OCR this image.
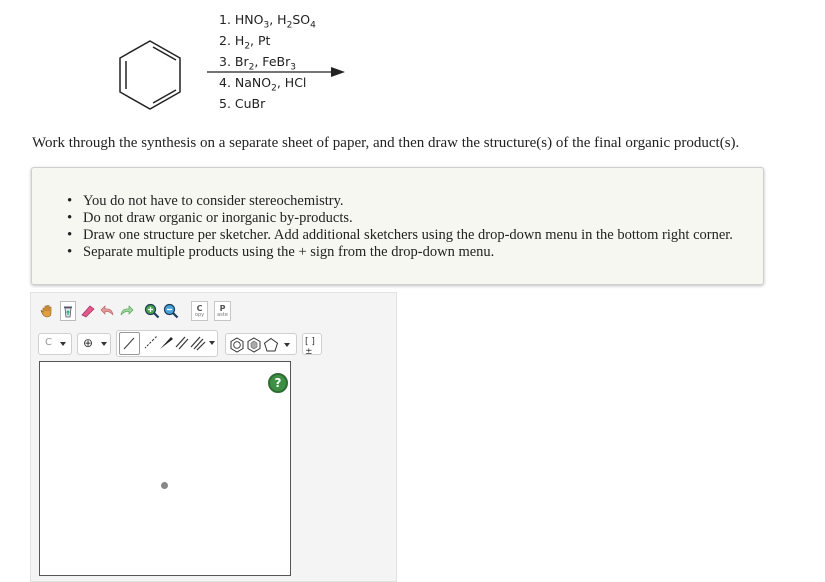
1. $HNO_3$, $H_2SO_4$
2. $H_2$, Pt
3. $Br_2$, FeBr$_3$
4. NaNO$_2$, HCl
5. CuBr
Work through the synthesis on a separate sheet of paper, and then draw the structure(s) of the final organic product(s).
• You do not have to consider stereochemistry.
• Do not draw organic or inorganic by-products.
• Draw one structure per sketcher. Add additional sketchers using the drop-down menu in the bottom right corner.
• Separate multiple products using the + sign from the drop-down menu.
C
opy
P
aste
C	⊕	[ ]±
?
